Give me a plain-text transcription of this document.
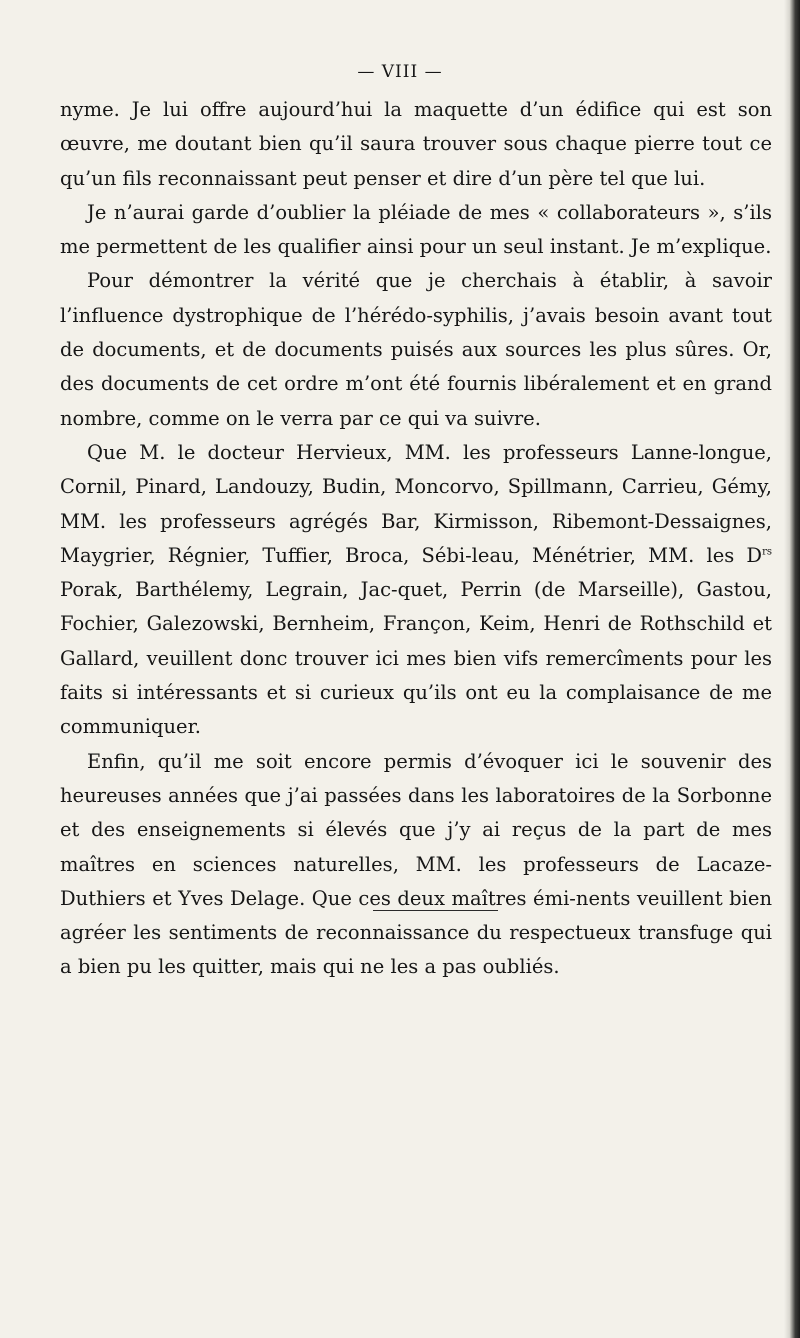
— VIII —

nyme. Je lui offre aujourd’hui la maquette d’un édifice qui est son œuvre, me doutant bien qu’il saura trouver sous chaque pierre tout ce qu’un fils reconnaissant peut penser et dire d’un père tel que lui.

Je n’aurai garde d’oublier la pléiade de mes « collaborateurs », s’ils me permettent de les qualifier ainsi pour un seul instant. Je m’explique.

Pour démontrer la vérité que je cherchais à établir, à savoir l’influence dystrophique de l’hérédo-syphilis, j’avais besoin avant tout de documents, et de documents puisés aux sources les plus sûres. Or, des documents de cet ordre m’ont été fournis libéralement et en grand nombre, comme on le verra par ce qui va suivre.

Que M. le docteur Hervieux, MM. les professeurs Lanne-longue, Cornil, Pinard, Landouzy, Budin, Moncorvo, Spillmann, Carrieu, Gémy, MM. les professeurs agrégés Bar, Kirmisson, Ribemont-Dessaignes, Maygrier, Régnier, Tuffier, Broca, Sébi-leau, Ménétrier, MM. les $D^{rs}$ Porak, Barthélemy, Legrain, Jac-quet, Perrin (de Marseille), Gastou, Fochier, Galezowski, Bernheim, Françon, Keim, Henri de Rothschild et Gallard, veuillent donc trouver ici mes bien vifs remercîments pour les faits si intéressants et si curieux qu’ils ont eu la complaisance de me communiquer.

Enfin, qu’il me soit encore permis d’évoquer ici le souvenir des heureuses années que j’ai passées dans les laboratoires de la Sorbonne et des enseignements si élevés que j’y ai reçus de la part de mes maîtres en sciences naturelles, MM. les professeurs de Lacaze-Duthiers et Yves Delage. Que ces deux maîtres émi-nents veuillent bien agréer les sentiments de reconnaissance du respectueux transfuge qui a bien pu les quitter, mais qui ne les a pas oubliés.
